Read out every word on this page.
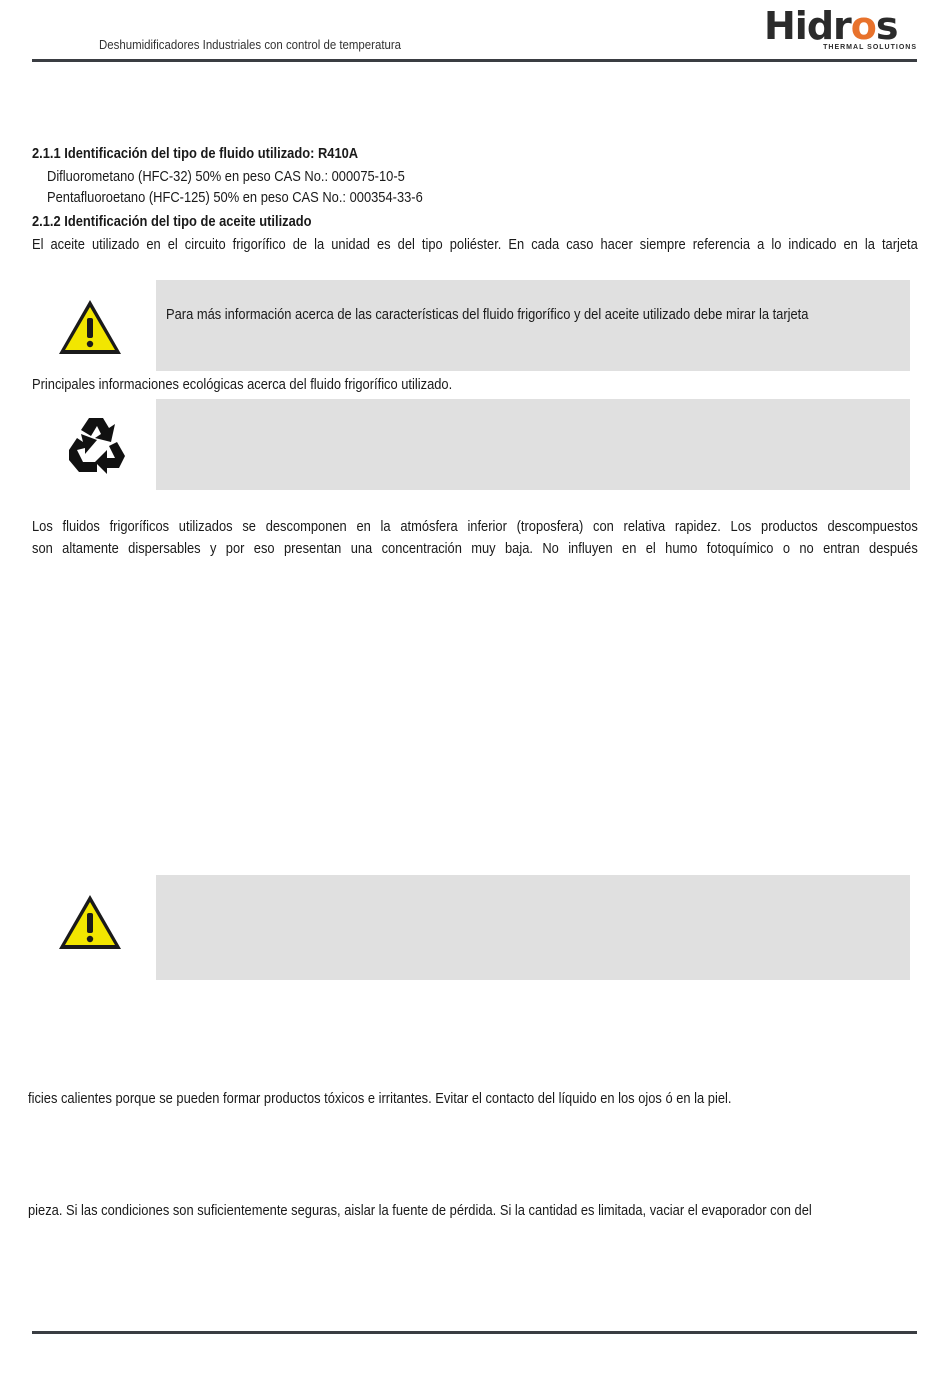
Deshumidificadores Industriales con control de temperatura	Hidros
THERMAL SOLUTIONS
2.1.1 Identificación del tipo de fluido utilizado: R410A
Difluorometano (HFC-32) 50% en peso CAS No.: 000075-10-5
Pentafluoroetano (HFC-125) 50% en peso CAS No.: 000354-33-6
2.1.2 Identificación del tipo de aceite utilizado
El aceite utilizado en el circuito frigorífico de la unidad es del tipo poliéster. En cada caso hacer siempre referencia a lo indicado en la tarjeta
Para más información acerca de las características del fluido frigorífico y del aceite utilizado debe mirar la tarjeta
Principales informaciones ecológicas acerca del fluido frigorífico utilizado.
Los fluidos frigoríficos utilizados se descomponen en la atmósfera inferior (troposfera) con relativa rapidez. Los productos descompuestos
son altamente dispersables y por eso presentan una concentración muy baja. No influyen en el humo fotoquímico o no entran después
ficies calientes porque se pueden formar productos tóxicos e irritantes. Evitar el contacto del líquido en los ojos ó en la piel.
pieza. Si las condiciones son suficientemente seguras, aislar la fuente de pérdida. Si la cantidad es limitada, vaciar el evaporador con del
